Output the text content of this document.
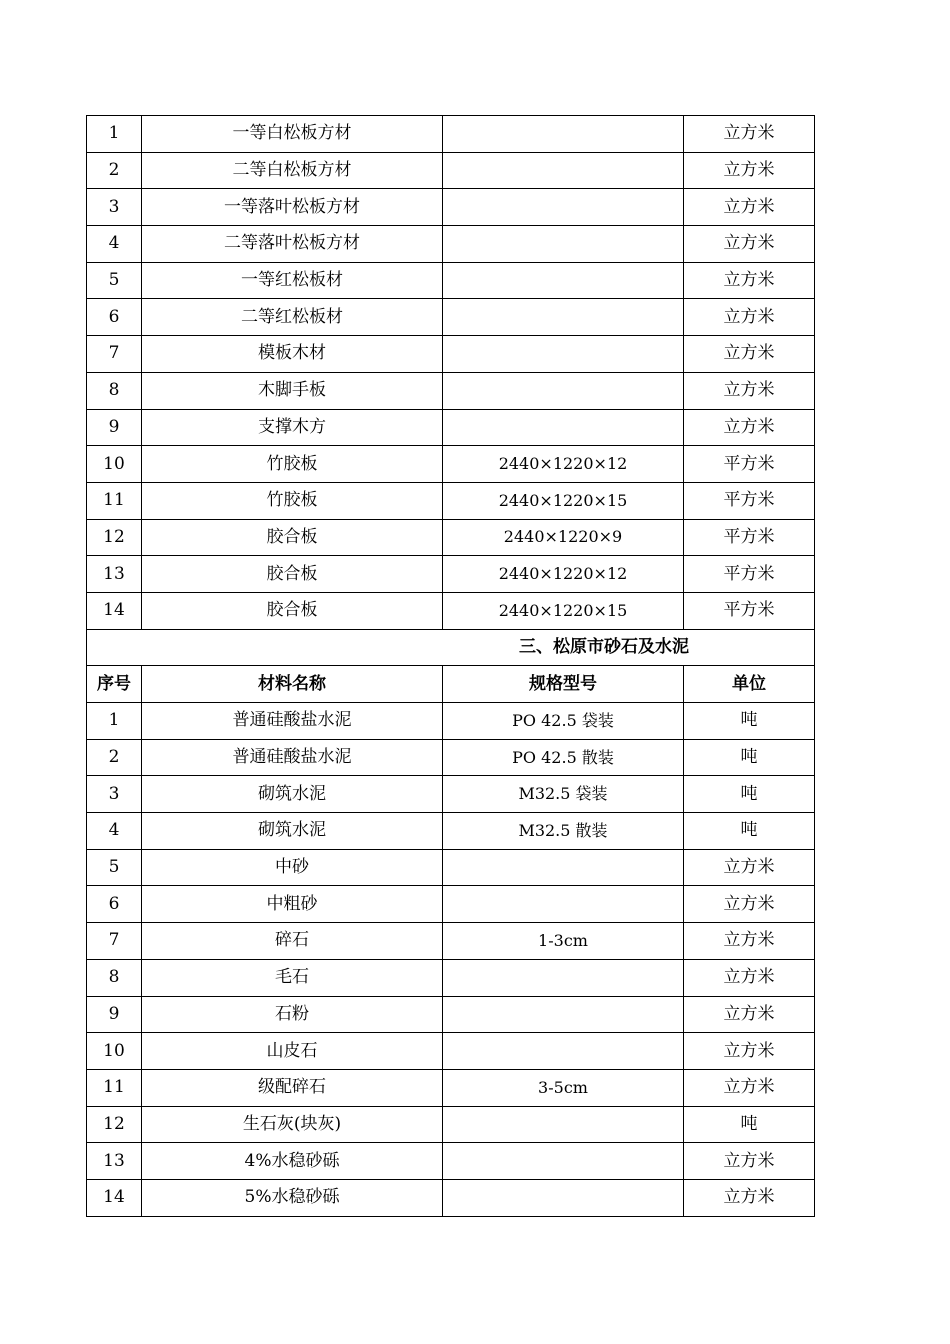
1	一等白松板方材		立方米
2	二等白松板方材		立方米
3	一等落叶松板方材		立方米
4	二等落叶松板方材		立方米
5	一等红松板材		立方米
6	二等红松板材		立方米
7	模板木材		立方米
8	木脚手板		立方米
9	支撑木方		立方米
10	竹胶板	2440×1220×12	平方米
11	竹胶板	2440×1220×15	平方米
12	胶合板	2440×1220×9	平方米
13	胶合板	2440×1220×12	平方米
14	胶合板	2440×1220×15	平方米
三、松原市砂石及水泥			
序号	材料名称	规格型号	单位
1	普通硅酸盐水泥	PO 42.5 袋装	吨
2	普通硅酸盐水泥	PO 42.5 散装	吨
3	砌筑水泥	M32.5 袋装	吨
4	砌筑水泥	M32.5 散装	吨
5	中砂		立方米
6	中粗砂		立方米
7	碎石	1-3cm	立方米
8	毛石		立方米
9	石粉		立方米
10	山皮石		立方米
11	级配碎石	3-5cm	立方米
12	生石灰(块灰)		吨
13	4%水稳砂砾		立方米
14	5%水稳砂砾		立方米
